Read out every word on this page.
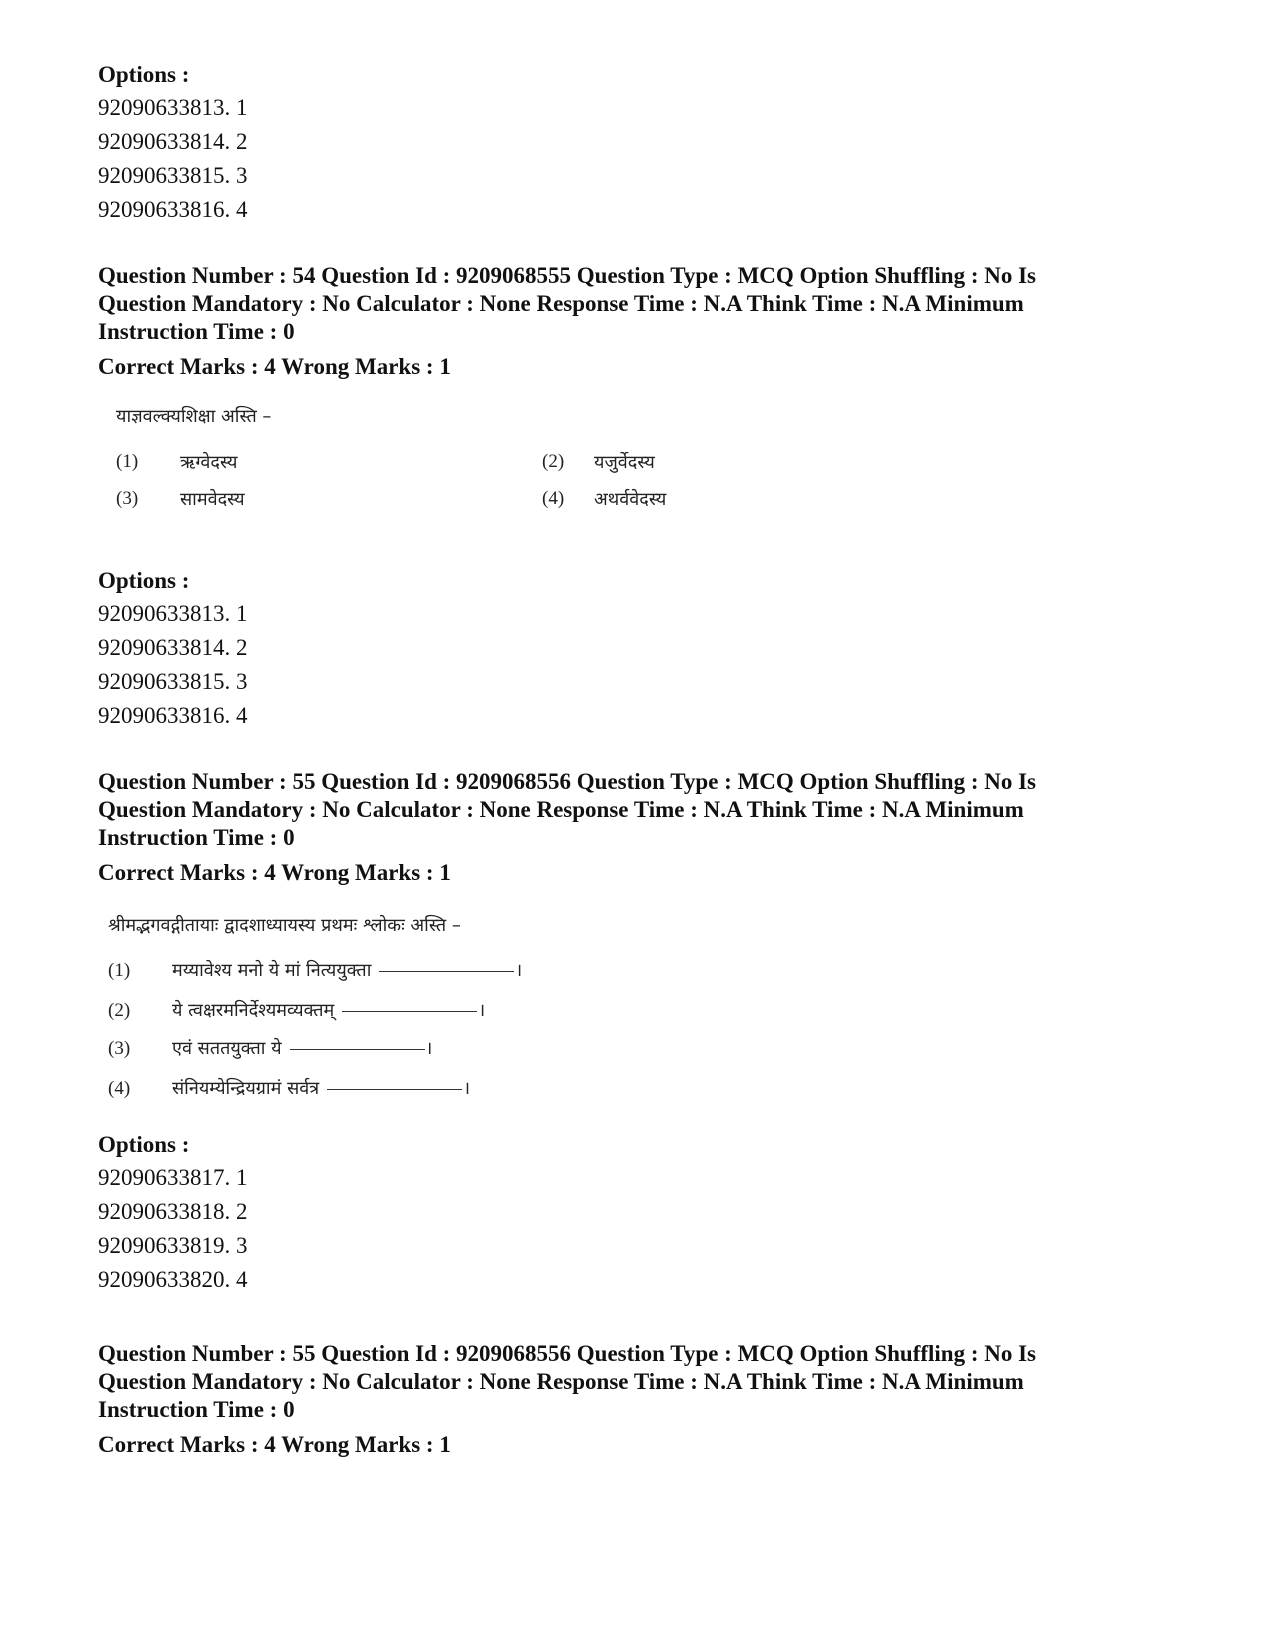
Options :
92090633813. 1
92090633814. 2
92090633815. 3
92090633816. 4
Question Number : 54 Question Id : 9209068555 Question Type : MCQ Option Shuffling : No Is
Question Mandatory : No Calculator : None Response Time : N.A Think Time : N.A Minimum
Instruction Time : 0
Correct Marks : 4 Wrong Marks : 1
याज्ञवल्क्यशिक्षा अस्ति –
(1) ऋग्वेदस्य	(2) यजुर्वेदस्य
(3) सामवेदस्य	(4) अथर्ववेदस्य
Options :
92090633813. 1
92090633814. 2
92090633815. 3
92090633816. 4
Question Number : 55 Question Id : 9209068556 Question Type : MCQ Option Shuffling : No Is
Question Mandatory : No Calculator : None Response Time : N.A Think Time : N.A Minimum
Instruction Time : 0
Correct Marks : 4 Wrong Marks : 1
श्रीमद्भगवद्गीतायाः द्वादशाध्यायस्य प्रथमः श्लोकः अस्ति –
(1) मय्यावेश्य मनो ये मां नित्ययुक्ता	।
(2) ये त्वक्षरमनिर्देश्यमव्यक्तम्	।
(3) एवं सततयुक्ता ये	।
(4) संनियम्येन्द्रियग्रामं सर्वत्र	।
Options :
92090633817. 1
92090633818. 2
92090633819. 3
92090633820. 4
Question Number : 55 Question Id : 9209068556 Question Type : MCQ Option Shuffling : No Is
Question Mandatory : No Calculator : None Response Time : N.A Think Time : N.A Minimum
Instruction Time : 0
Correct Marks : 4 Wrong Marks : 1
